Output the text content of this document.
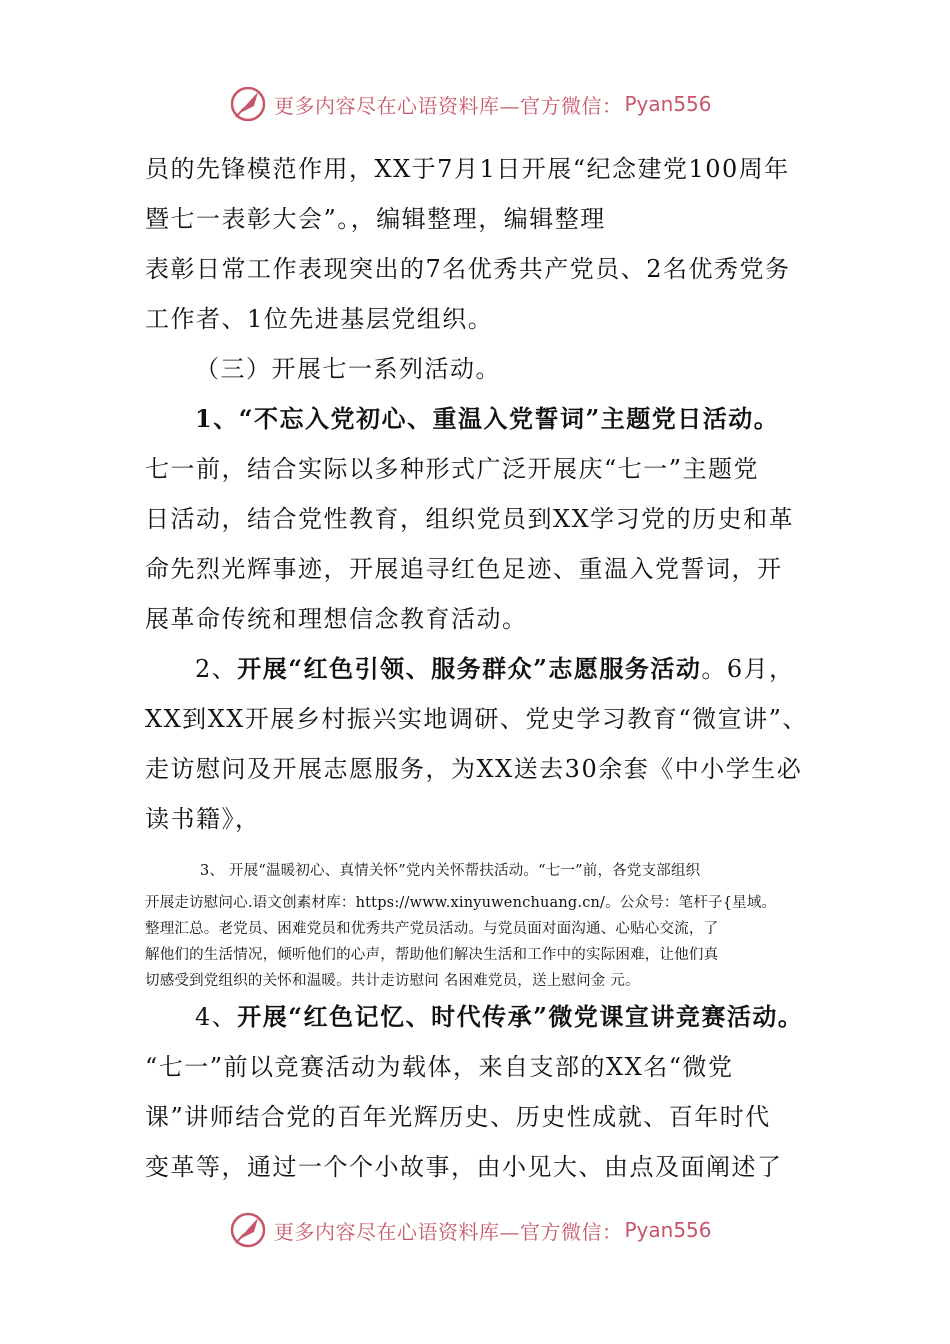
更多内容尽在心语资料库—官方微信： Pyan556
员的先锋模范作用，XX于7月1日开展“纪念建党100周年
暨七一表彰大会”。，编辑整理，编辑整理
表彰日常工作表现突出的7名优秀共产党员、2名优秀党务
工作者、1位先进基层党组织。
（三）开展七一系列活动。
1、“不忘入党初心、重温入党誓词”主题党日活动。
七一前，结合实际以多种形式广泛开展庆“七一”主题党
日活动，结合党性教育，组织党员到XX学习党的历史和革
命先烈光辉事迹，开展追寻红色足迹、重温入党誓词，开
展革命传统和理想信念教育活动。
2、开展“红色引领、服务群众”志愿服务活动。6月，
XX到XX开展乡村振兴实地调研、党史学习教育“微宣讲”、
走访慰问及开展志愿服务，为XX送去30余套《中小学生必
读书籍》，
3、 开展“温暖初心、真情关怀”党内关怀帮扶活动。“七一”前，各党支部组织
开展走访慰问心.语文创素材库：https://www.xinyuwenchuang.cn/。公众号：笔杆子{星域。
整理汇总。老党员、困难党员和优秀共产党员活动。与党员面对面沟通、心贴心交流，了
解他们的生活情况，倾听他们的心声，帮助他们解决生活和工作中的实际困难，让他们真
切感受到党组织的关怀和温暖。共计走访慰问 名困难党员，送上慰问金 元。
4、开展“红色记忆、时代传承”微党课宣讲竞赛活动。
“七一”前以竞赛活动为载体，来自支部的XX名“微党
课”讲师结合党的百年光辉历史、历史性成就、百年时代
变革等，通过一个个小故事，由小见大、由点及面阐述了
更多内容尽在心语资料库—官方微信： Pyan556
